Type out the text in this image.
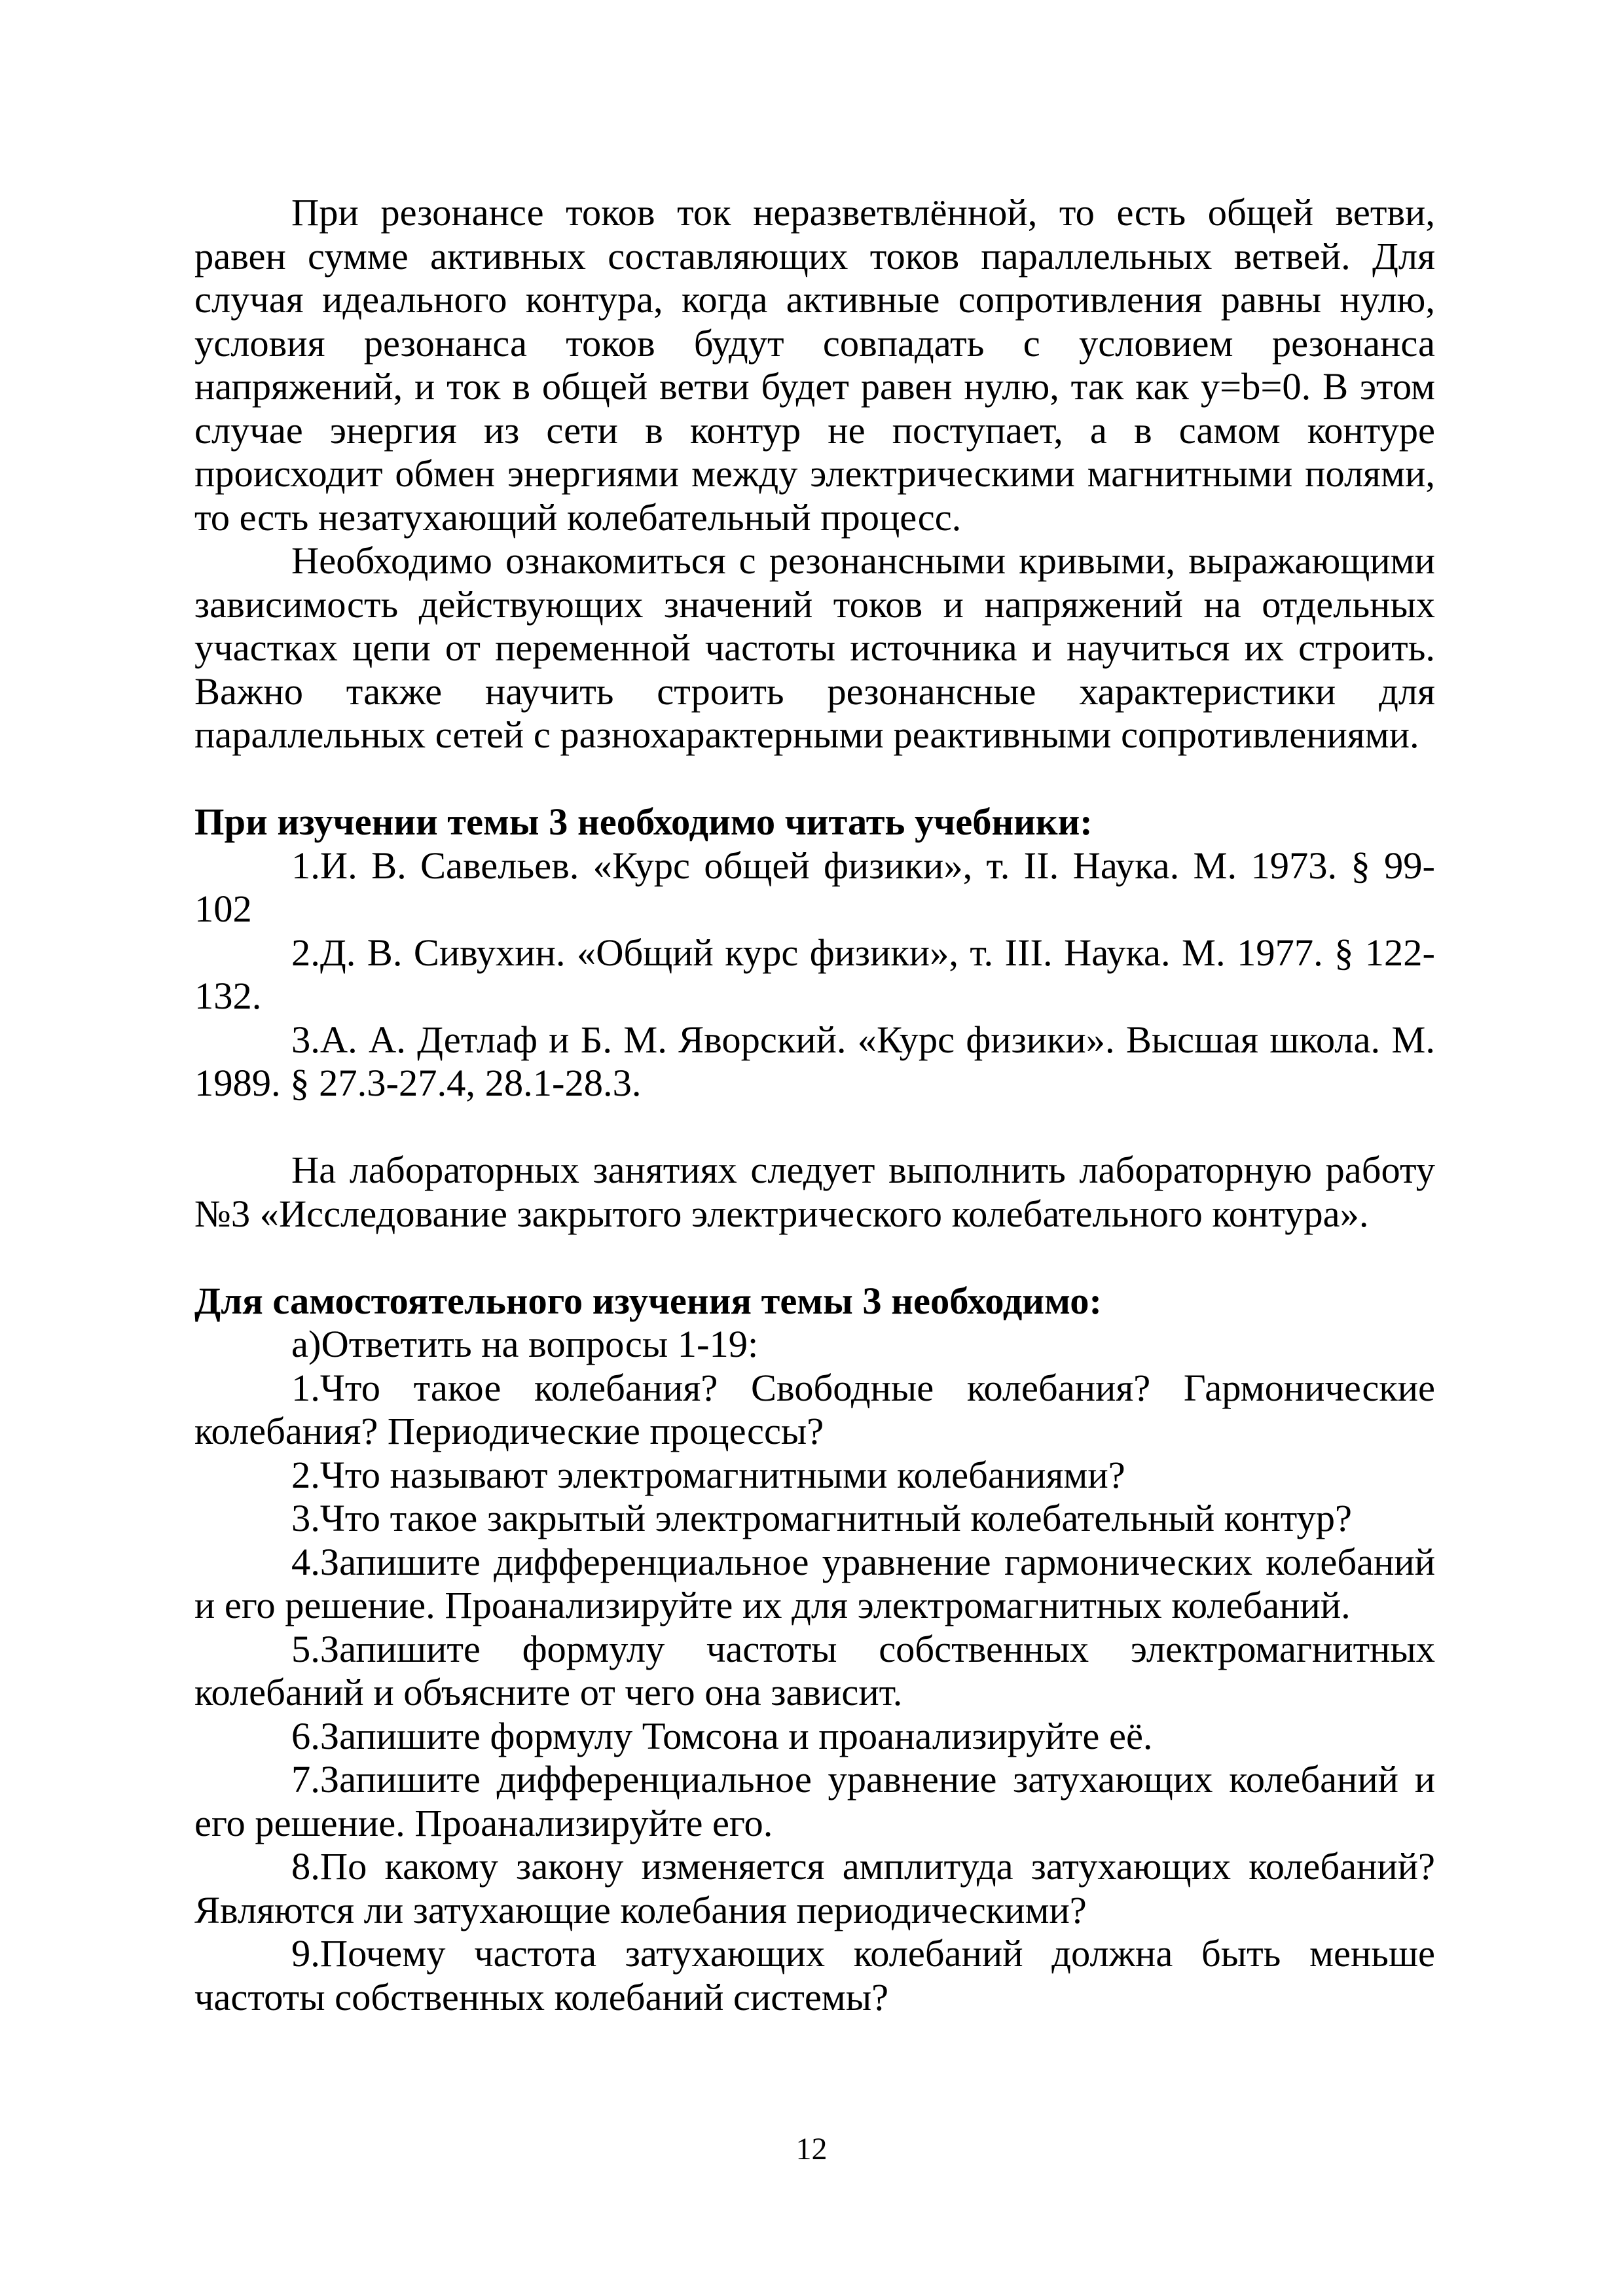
При резонансе токов ток неразветвлённой, то есть общей ветви, равен сумме активных составляющих токов параллельных ветвей. Для случая идеального контура, когда активные сопротивления равны нулю, условия резонанса токов будут совпадать с условием резонанса напряжений, и ток в общей ветви будет равен нулю, так как y=b=0. В этом случае энергия из сети в контур не поступает, а в самом контуре происходит обмен энергиями между электрическими магнитными полями, то есть незатухающий колебательный процесс.

Необходимо ознакомиться с резонансными кривыми, выражающими зависимость действующих значений токов и напряжений на отдельных участках цепи от переменной частоты источника и научиться их строить. Важно также научить строить резонансные характеристики для параллельных сетей с разнохарактерными реактивными сопротивлениями.

При изучении темы 3 необходимо читать учебники:

1.И. В. Савельев. «Курс общей физики», т. II. Наука. М. 1973. § 99-102

2.Д. В. Сивухин. «Общий курс физики», т. III. Наука. М. 1977. § 122-132.

3.А. А. Детлаф и Б. М. Яворский. «Курс физики». Высшая школа. М. 1989. § 27.3-27.4, 28.1-28.3.

На лабораторных занятиях следует выполнить лабораторную работу №3 «Исследование закрытого электрического колебательного контура».

Для самостоятельного изучения темы 3 необходимо:

а)Ответить на вопросы 1-19:

1.Что такое колебания? Свободные колебания? Гармонические колебания? Периодические процессы?

2.Что называют электромагнитными колебаниями?

3.Что такое закрытый электромагнитный колебательный контур?

4.Запишите дифференциальное уравнение гармонических колебаний и его решение. Проанализируйте их для электромагнитных колебаний.

5.Запишите формулу частоты собственных электромагнитных колебаний и объясните от чего она зависит.

6.Запишите формулу Томсона и проанализируйте её.

7.Запишите дифференциальное уравнение затухающих колебаний и его решение. Проанализируйте его.

8.По какому закону изменяется амплитуда затухающих колебаний? Являются ли затухающие колебания периодическими?

9.Почему частота затухающих колебаний должна быть меньше частоты собственных колебаний системы?

12
